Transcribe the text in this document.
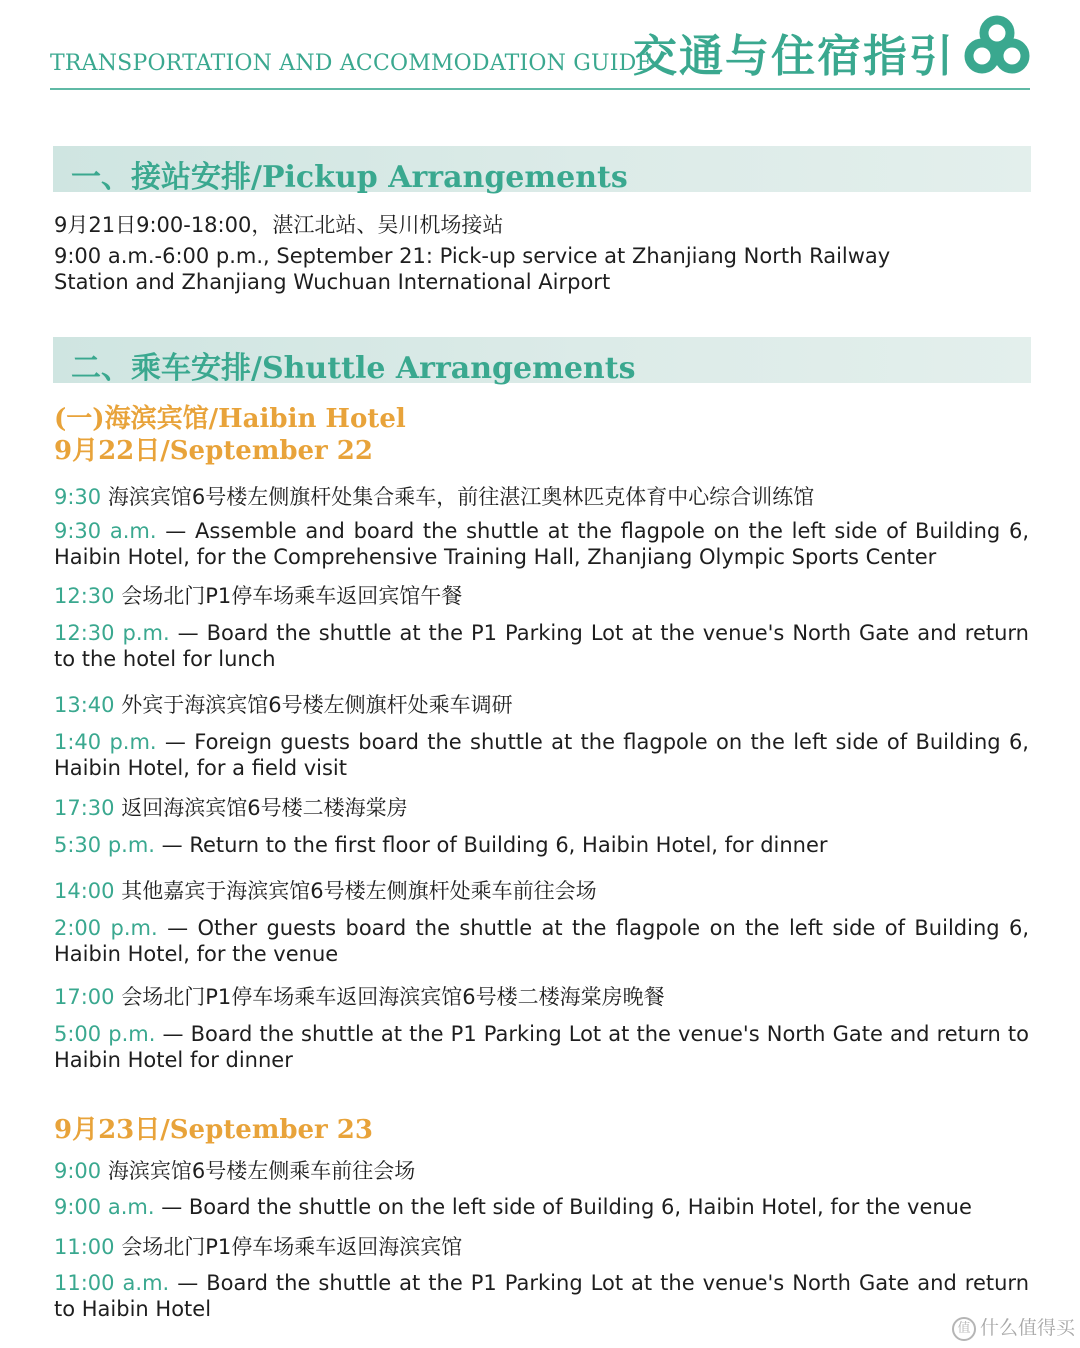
TRANSPORTATION AND ACCOMMODATION GUIDE
交通与住宿指引
一、接站安排/Pickup Arrangements
9月21日9:00-18:00，湛江北站、吴川机场接站
9:00 a.m.-6:00 p.m., September 21: Pick-up service at Zhanjiang North Railway
Station and Zhanjiang Wuchuan International Airport
二、乘车安排/Shuttle Arrangements
(一)海滨宾馆/Haibin Hotel
9月22日/September 22
9:30 海滨宾馆6号楼左侧旗杆处集合乘车，前往湛江奥林匹克体育中心综合训练馆
9:30 a.m. — Assemble and board the shuttle at the flagpole on the left side of Building 6, Haibin Hotel, for the Comprehensive Training Hall, Zhanjiang Olympic Sports Center
12:30 会场北门P1停车场乘车返回宾馆午餐
12:30 p.m. — Board the shuttle at the P1 Parking Lot at the venue's North Gate and return to the hotel for lunch
13:40 外宾于海滨宾馆6号楼左侧旗杆处乘车调研
1:40 p.m. — Foreign guests board the shuttle at the flagpole on the left side of Building 6, Haibin Hotel, for a field visit
17:30 返回海滨宾馆6号楼二楼海棠房
5:30 p.m. — Return to the first floor of Building 6, Haibin Hotel, for dinner
14:00 其他嘉宾于海滨宾馆6号楼左侧旗杆处乘车前往会场
2:00 p.m. — Other guests board the shuttle at the flagpole on the left side of Building 6, Haibin Hotel, for the venue
17:00 会场北门P1停车场乘车返回海滨宾馆6号楼二楼海棠房晚餐
5:00 p.m. — Board the shuttle at the P1 Parking Lot at the venue's North Gate and return to Haibin Hotel for dinner
9月23日/September 23
9:00 海滨宾馆6号楼左侧乘车前往会场
9:00 a.m. — Board the shuttle on the left side of Building 6, Haibin Hotel, for the venue
11:00 会场北门P1停车场乘车返回海滨宾馆
11:00 a.m. — Board the shuttle at the P1 Parking Lot at the venue's North Gate and return to Haibin Hotel
值 什么值得买
